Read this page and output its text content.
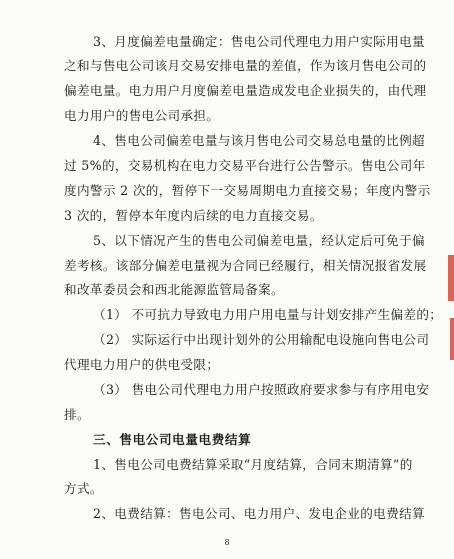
3、月度偏差电量确定：售电公司代理电力用户实际用电量
之和与售电公司该月交易安排电量的差值，作为该月售电公司的
偏差电量。电力用户月度偏差电量造成发电企业损失的，由代理
电力用户的售电公司承担。
4、售电公司偏差电量与该月售电公司交易总电量的比例超
过 5%的，交易机构在电力交易平台进行公告警示。售电公司年
度内警示 2 次的，暂停下一交易周期电力直接交易；年度内警示
3 次的，暂停本年度内后续的电力直接交易。
5、以下情况产生的售电公司偏差电量，经认定后可免于偏
差考核。该部分偏差电量视为合同已经履行，相关情况报省发展
和改革委员会和西北能源监管局备案。
（1） 不可抗力导致电力用户用电量与计划安排产生偏差的；
（2） 实际运行中出现计划外的公用输配电设施向售电公司
代理电力用户的供电受限；
（3） 售电公司代理电力用户按照政府要求参与有序用电安
排。
三、售电公司电量电费结算
1、售电公司电费结算采取“月度结算，合同末期清算”的
方式。
2、电费结算：售电公司、电力用户、发电企业的电费结算
8
